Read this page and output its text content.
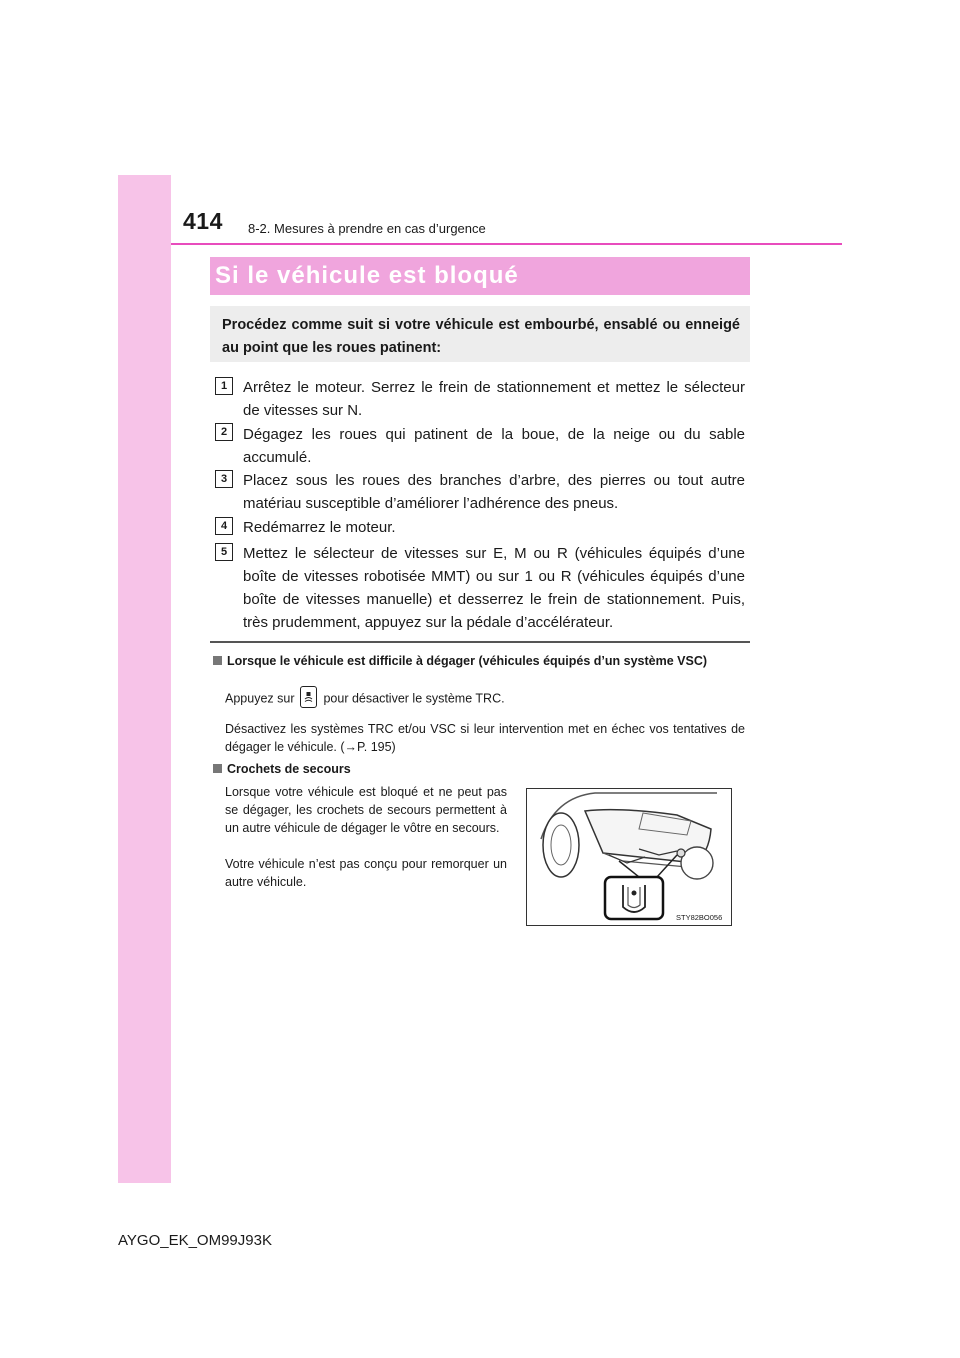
414 8-2. Mesures à prendre en cas d’urgence
Si le véhicule est bloqué
Procédez comme suit si votre véhicule est embourbé, ensablé ou enneigé au point que les roues patinent:
1	Arrêtez le moteur. Serrez le frein de stationnement et mettez le sélecteur de vitesses sur N.
2	Dégagez les roues qui patinent de la boue, de la neige ou du sable accumulé.
3	Placez sous les roues des branches d’arbre, des pierres ou tout autre matériau susceptible d’améliorer l’adhérence des pneus.
4	Redémarrez le moteur.
5	Mettez le sélecteur de vitesses sur E, M ou R (véhicules équipés d’une boîte de vitesses robotisée MMT) ou sur 1 ou R (véhicules équipés d’une boîte de vitesses manuelle) et desserrez le frein de stationnement. Puis, très prudemment, appuyez sur la pédale d’accélérateur.
Lorsque le véhicule est difficile à dégager (véhicules équipés d’un système VSC)
Appuyez sur pour désactiver le système TRC.
Désactivez les systèmes TRC et/ou VSC si leur intervention met en échec vos tentatives de dégager le véhicule. (→P. 195)
Crochets de secours
Lorsque votre véhicule est bloqué et ne peut pas se dégager, les crochets de secours permettent à un autre véhicule de dégager le vôtre en secours.
Votre véhicule n’est pas conçu pour remorquer un autre véhicule.
STY82BO056
AYGO_EK_OM99J93K
